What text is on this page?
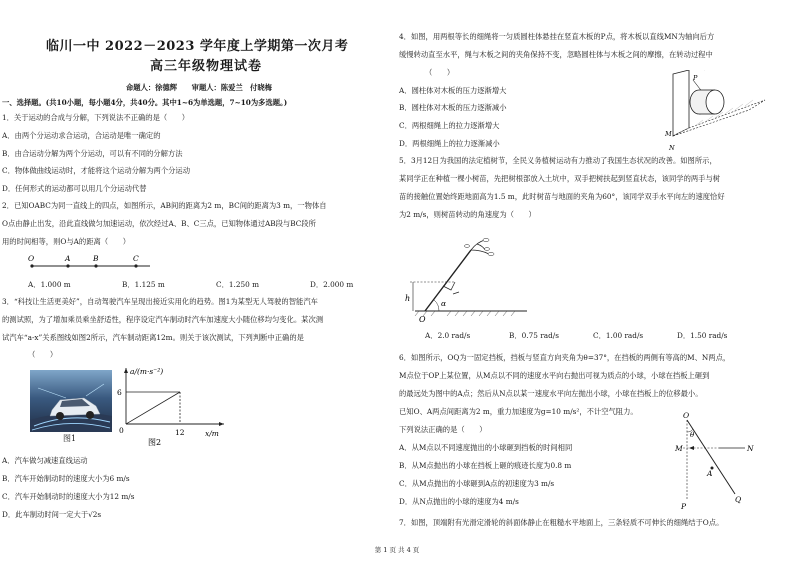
临川一中 2022－2023 学年度上学期第一次月考
高三年级物理试卷
命题人：徐德辉　　审题人：陈爱兰　付晓梅
一、选择题。(共10小题，每小题4分，共40分。其中1~6为单选题，7~10为多选题。)
1．关于运动的合成与分解，下列说法不正确的是（　　）
A．由两个分运动求合运动，合运动是唯一确定的
B．由合运动分解为两个分运动，可以有不同的分解方法
C．物体做曲线运动时，才能将这个运动分解为两个分运动
D．任何形式的运动都可以用几个分运动代替
2．已知OABC为同一直线上的四点，如图所示，AB间的距离为2 m，BC间的距离为3 m，一物体自
O点由静止出发，沿此直线做匀加速运动，依次经过A、B、C三点，已知物体通过AB段与BC段所
用的时间相等，则O与A的距离（　　）
O	A	B	C
A．1.000 m	B．1.125 m	C．1.250 m	D．2.000 m
3．“科技让生活更美好”，自动驾驶汽车呈现出接近实用化的趋势。图1为某型无人驾驶的智能汽车
的测试照，为了增加乘员乘坐舒适性，程序设定汽车制动时汽车加速度大小随位移均匀变化。某次测
试汽车“a-x”关系图线如图2所示，汽车制动距离12m。则关于该次测试，下列判断中正确的是
（　　）
图1
a/(m·s⁻²)
x/m
6
12
0
图2
A．汽车做匀减速直线运动
B．汽车开始制动时的速度大小为6 m/s
C．汽车开始制动时的速度大小为12 m/s
D．此车制动时间一定大于√2s
4．如图，用两根等长的细绳将一匀质圆柱体悬挂在竖直木板的P点，将木板以直线MN为轴向后方
缓慢转动直至水平，绳与木板之间的夹角保持不变，忽略圆柱体与木板之间的摩擦，在转动过程中
（　　）
A．圆柱体对木板的压力逐渐增大
B．圆柱体对木板的压力逐渐减小
C．两根细绳上的拉力逐渐增大
D．两根细绳上的拉力逐渐减小
P
M
N
5．3月12日为我国的法定植树节，全民义务植树运动有力推动了我国生态状况的改善。如图所示，
某同学正在种植一棵小树苗，先把树根部放入土坑中，双手把树扶起到竖直状态，该同学的两手与树
苗的接触位置始终距地面高为1.5 m，此时树苗与地面的夹角为60°，该同学双手水平向左的速度恰好
为2 m/s，则树苗转动的角速度为（　　）
h
α
O
A．2.0 rad/s	B．0.75 rad/s	C．1.00 rad/s	D．1.50 rad/s
6．如图所示，OQ为一固定挡板，挡板与竖直方向夹角为θ=37°，在挡板的两侧有等高的M、N两点，
M点位于OP上某位置，从M点以不同的速度水平向右抛出可视为质点的小球，小球在挡板上砸到
的最远处为图中的A点；然后从N点以某一速度水平向左抛出小球，小球在挡板上的位移最小。
已知O、A两点间距离为2 m，重力加速度为g=10 m/s²，不计空气阻力。
下列说法正确的是（　　）
A．从M点以不同速度抛出的小球砸到挡板的时间相同
B．从M点抛出的小球在挡板上砸的痕迹长度为0.8 m
C．从M点抛出的小球砸到A点的初速度为3 m/s
D．从N点抛出的小球的速度为4 m/s
O
θ
M	N
A
P
Q
7．如图，顶端附有光滑定滑轮的斜面体静止在粗糙水平地面上，三条轻质不可伸长的细绳结于O点。
第 1 页 共 4 页
